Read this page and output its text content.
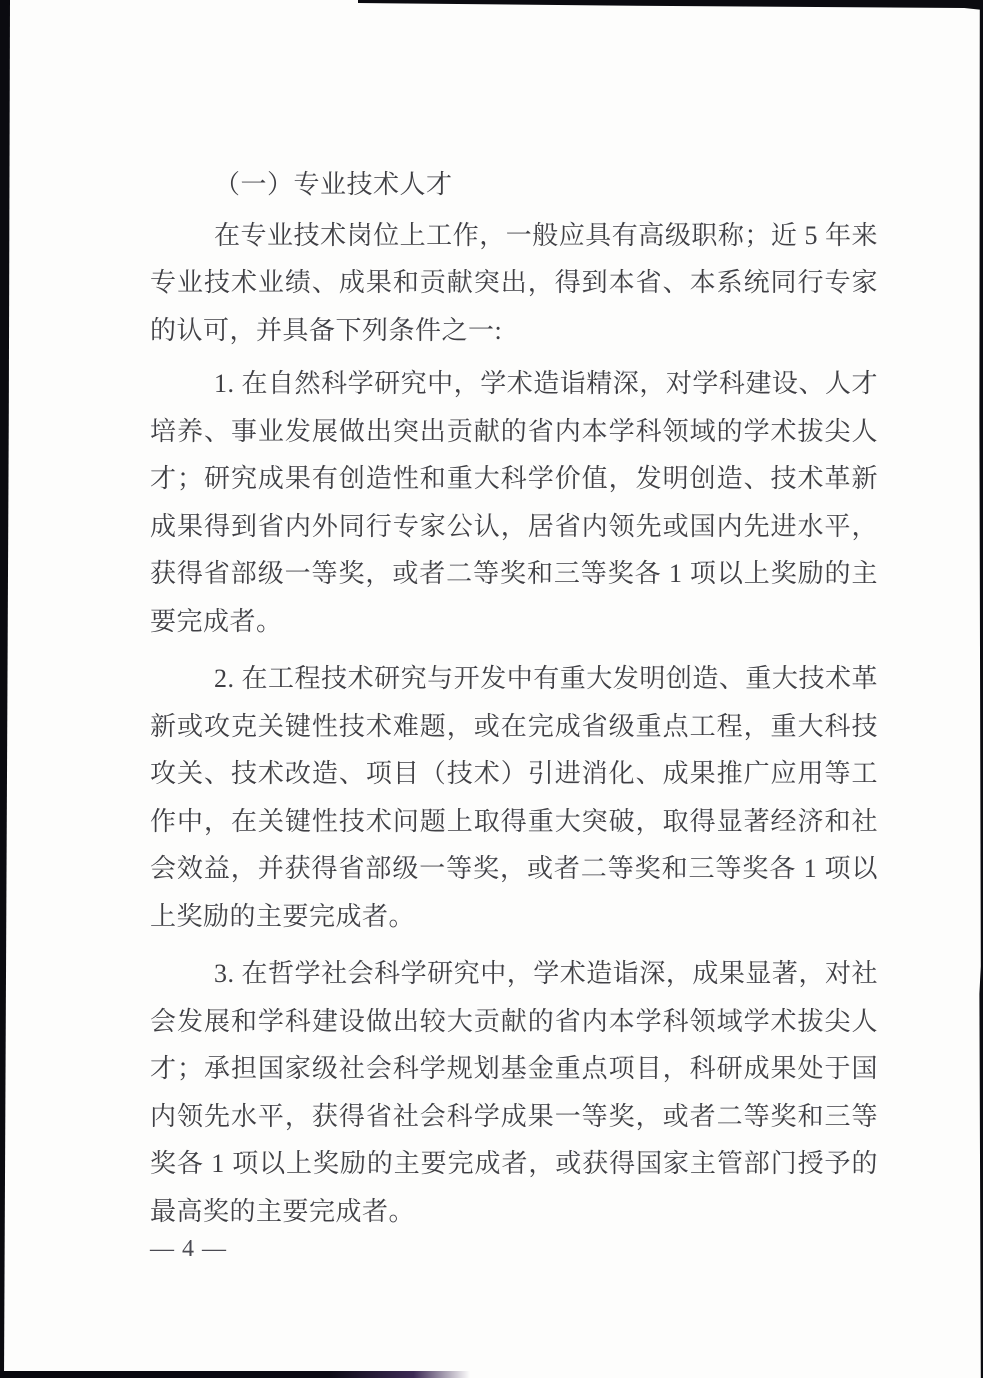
（一）专业技术人才

在专业技术岗位上工作，一般应具有高级职称；近 5 年来专业技术业绩、成果和贡献突出，得到本省、本系统同行专家的认可，并具备下列条件之一:

1. 在自然科学研究中，学术造诣精深，对学科建设、人才培养、事业发展做出突出贡献的省内本学科领域的学术拔尖人才；研究成果有创造性和重大科学价值，发明创造、技术革新成果得到省内外同行专家公认，居省内领先或国内先进水平，获得省部级一等奖，或者二等奖和三等奖各 1 项以上奖励的主要完成者。

2. 在工程技术研究与开发中有重大发明创造、重大技术革新或攻克关键性技术难题，或在完成省级重点工程，重大科技攻关、技术改造、项目（技术）引进消化、成果推广应用等工作中，在关键性技术问题上取得重大突破，取得显著经济和社会效益，并获得省部级一等奖，或者二等奖和三等奖各 1 项以上奖励的主要完成者。

3. 在哲学社会科学研究中，学术造诣深，成果显著，对社会发展和学科建设做出较大贡献的省内本学科领域学术拔尖人才；承担国家级社会科学规划基金重点项目，科研成果处于国内领先水平，获得省社会科学成果一等奖，或者二等奖和三等奖各 1 项以上奖励的主要完成者，或获得国家主管部门授予的最高奖的主要完成者。

— 4 —
